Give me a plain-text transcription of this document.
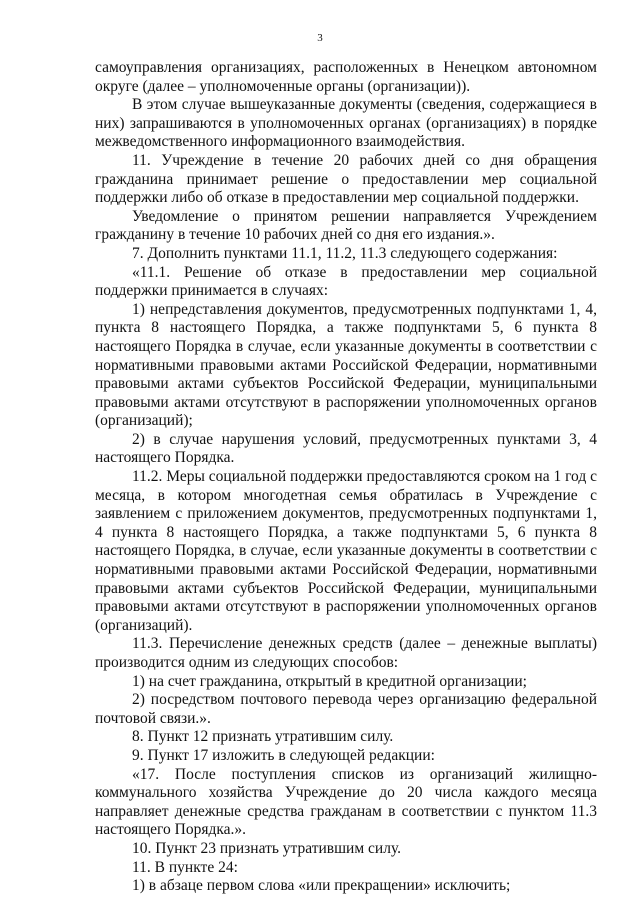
3

самоуправления организациях, расположенных в Ненецком автономном округе (далее – уполномоченные органы (организации)).

В этом случае вышеуказанные документы (сведения, содержащиеся в них) запрашиваются в уполномоченных органах (организациях) в порядке межведомственного информационного взаимодействия.

11. Учреждение в течение 20 рабочих дней со дня обращения гражданина принимает решение о предоставлении мер социальной поддержки либо об отказе в предоставлении мер социальной поддержки.

Уведомление о принятом решении направляется Учреждением гражданину в течение 10 рабочих дней со дня его издания.».

7. Дополнить пунктами 11.1, 11.2, 11.3 следующего содержания:

«11.1. Решение об отказе в предоставлении мер социальной поддержки принимается в случаях:

1) непредставления документов, предусмотренных подпунктами 1, 4, пункта 8 настоящего Порядка, а также подпунктами 5, 6 пункта 8 настоящего Порядка в случае, если указанные документы в соответствии с нормативными правовыми актами Российской Федерации, нормативными правовыми актами субъектов Российской Федерации, муниципальными правовыми актами отсутствуют в распоряжении уполномоченных органов (организаций);

2) в случае нарушения условий, предусмотренных пунктами 3, 4 настоящего Порядка.

11.2. Меры социальной поддержки предоставляются сроком на 1 год с месяца, в котором многодетная семья обратилась в Учреждение с заявлением с приложением документов, предусмотренных подпунктами 1, 4 пункта 8 настоящего Порядка, а также подпунктами 5, 6 пункта 8 настоящего Порядка, в случае, если указанные документы в соответствии с нормативными правовыми актами Российской Федерации, нормативными правовыми актами субъектов Российской Федерации, муниципальными правовыми актами отсутствуют в распоряжении уполномоченных органов (организаций).

11.3. Перечисление денежных средств (далее – денежные выплаты) производится одним из следующих способов:

1) на счет гражданина, открытый в кредитной организации;

2) посредством почтового перевода через организацию федеральной почтовой связи.».

8. Пункт 12 признать утратившим силу.

9. Пункт 17 изложить в следующей редакции:

«17. После поступления списков из организаций жилищно-коммунального хозяйства Учреждение до 20 числа каждого месяца направляет денежные средства гражданам в соответствии с пунктом 11.3 настоящего Порядка.».

10. Пункт 23 признать утратившим силу.

11. В пункте 24:

1) в абзаце первом слова «или прекращении» исключить;
